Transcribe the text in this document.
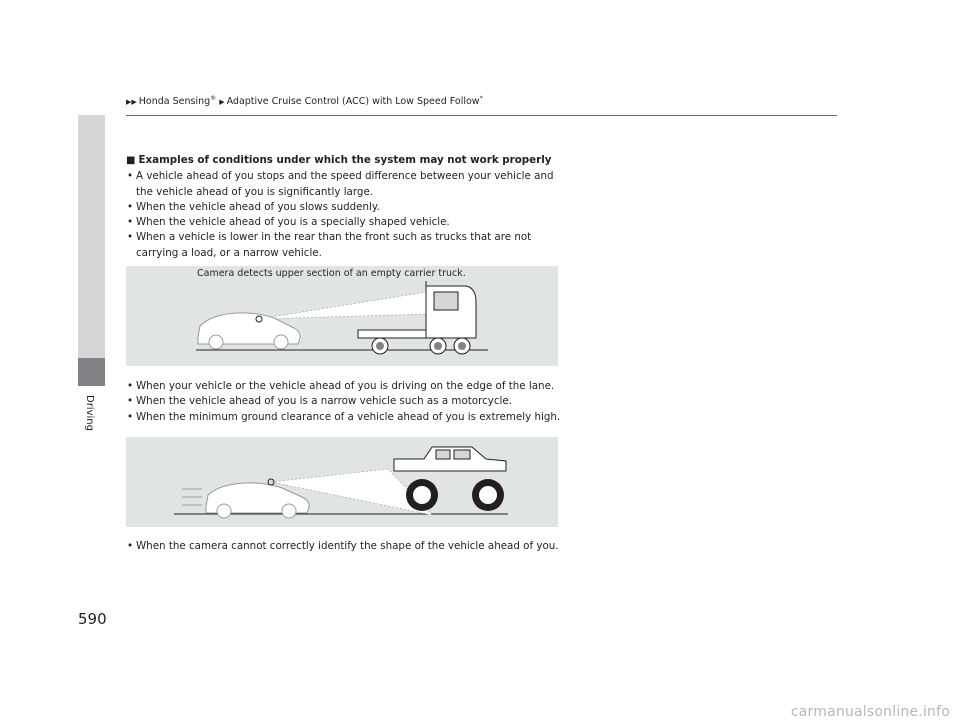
▶▶ Honda Sensing® ▶ Adaptive Cruise Control (ACC) with Low Speed Follow*
Driving
590
■ Examples of conditions under which the system may not work properly
• A vehicle ahead of you stops and the speed difference between your vehicle and the vehicle ahead of you is significantly large.
• When the vehicle ahead of you slows suddenly.
• When the vehicle ahead of you is a specially shaped vehicle.
• When a vehicle is lower in the rear than the front such as trucks that are not carrying a load, or a narrow vehicle.
Camera detects upper section of an empty carrier truck.
• When your vehicle or the vehicle ahead of you is driving on the edge of the lane.
• When the vehicle ahead of you is a narrow vehicle such as a motorcycle.
• When the minimum ground clearance of a vehicle ahead of you is extremely high.
• When the camera cannot correctly identify the shape of the vehicle ahead of you.
carmanualsonline.info
